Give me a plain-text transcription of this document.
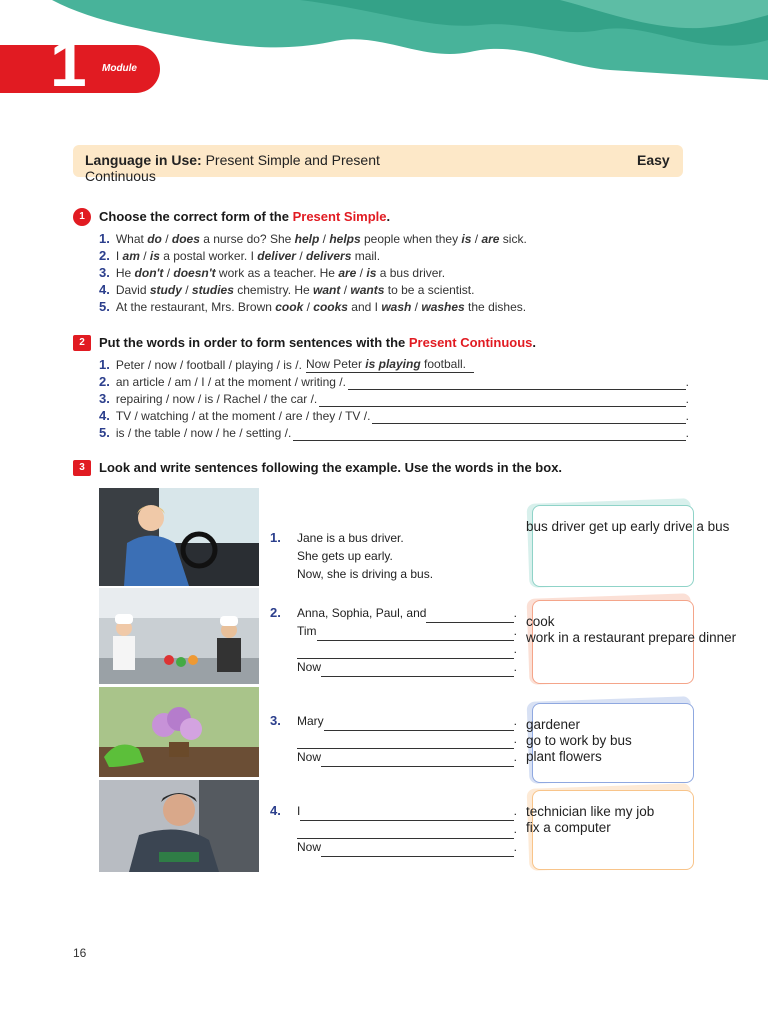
1 Module
Language in Use: Present Simple and Present
Continuous
Easy
1	Choose the correct form of the Present Simple.
1. What do / does a nurse do? She help / helps people when they is / are sick.
2. I am / is a postal worker. I deliver / delivers mail.
3. He don't / doesn't work as a teacher. He are / is a bus driver.
4. David study / studies chemistry. He want / wants to be a scientist.
5. At the restaurant, Mrs. Brown cook / cooks and I wash / washes the dishes.
2	Put the words in order to form sentences with the Present Continuous.
1. Peter / now / football / playing / is /. Now Peter is playing football.
2. an article / am / I / at the moment / writing /.	.
3. repairing / now / is / Rachel / the car /.	.
4. TV / watching / at the moment / are / they / TV /.	.
5. is / the table / now / he / setting /.	.
3	Look and write sentences following the example. Use the words in the box.
1. Jane is a bus driver.
She gets up early.
Now, she is driving a bus.
bus driver get up early drive a bus
2. Anna, Sophia, Paul, and	.
Tim	.
.
Now	.
cook
work in a restaurant prepare dinner
3. Mary	.
.
Now	.
gardener
go to work by bus
plant flowers
4. I	.
.
Now	.
technician like my job
fix a computer
16
